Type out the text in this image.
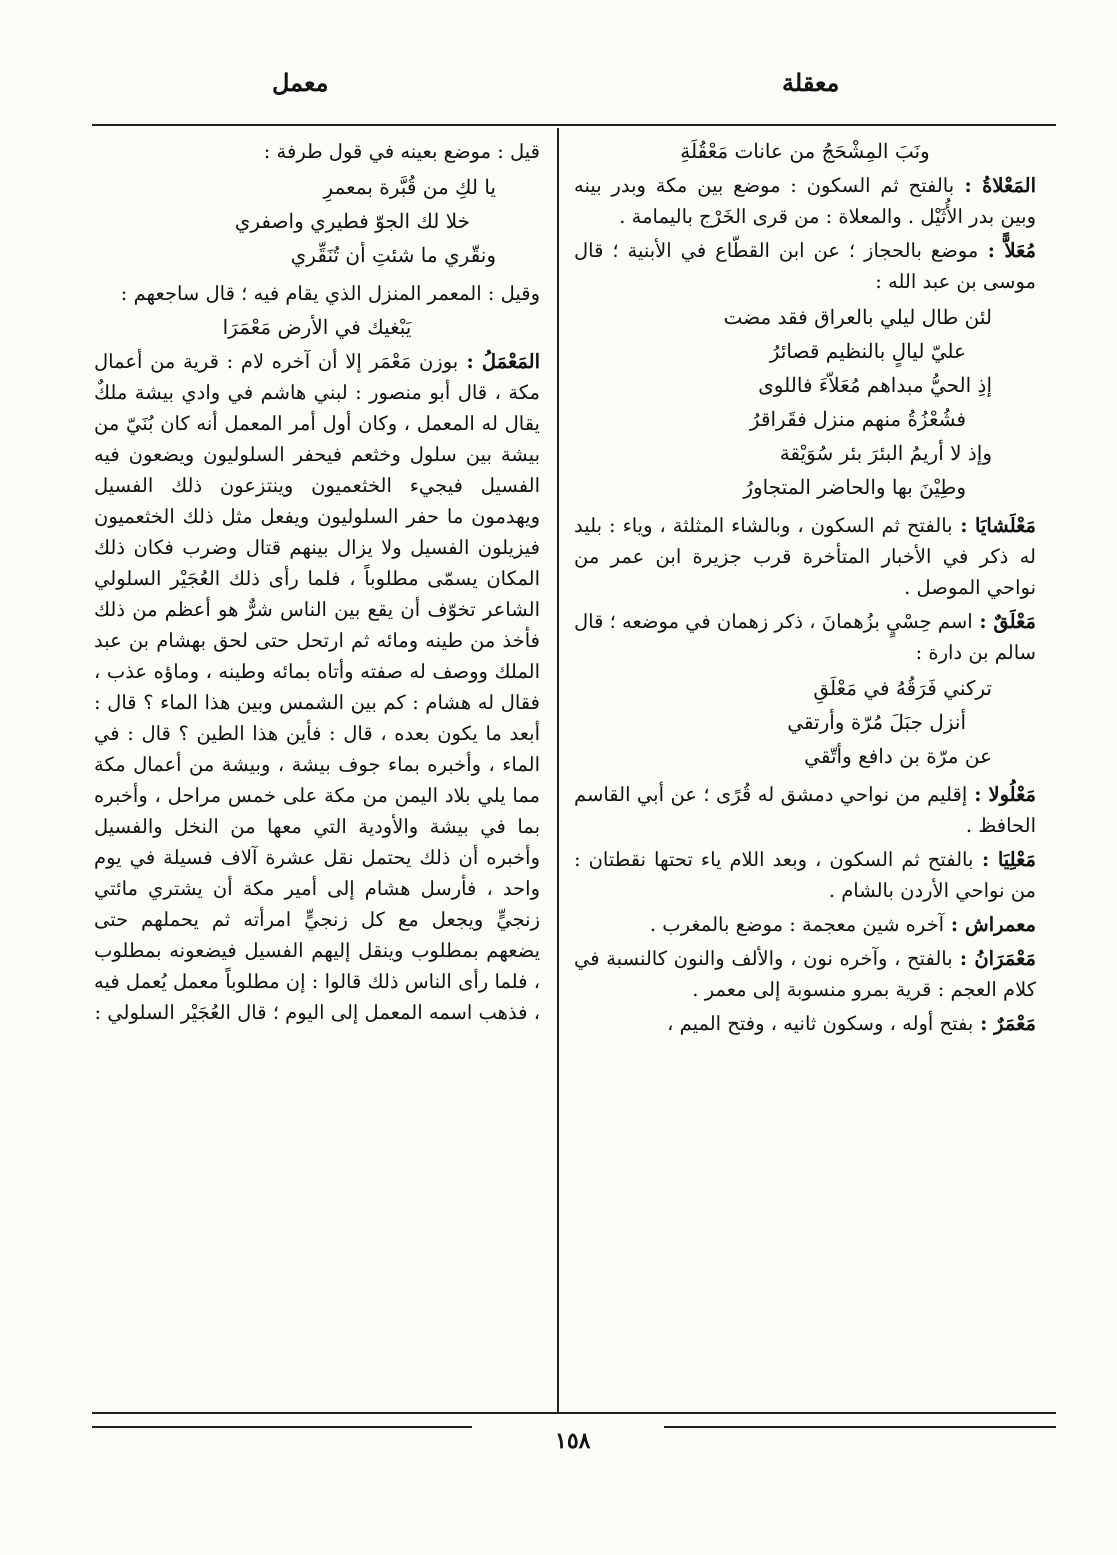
معقلة
معمل

ونَبَ المِشْحَجُ من عانات مَعْقُلَةِ

المَعْلاةُ : بالفتح ثم السكون : موضع بين مكة وبدر بينه وبين بدر الأُثَيْل . والمعلاة : من قرى الخَرْج باليمامة .

مُعَلاًّ : موضع بالحجاز ؛ عن ابن القطّاع في الأبنية ؛ قال موسى بن عبد الله :

لئن طال ليلي بالعراق فقد مضت
عليّ ليالٍ بالنظيم قصائرُ
إذِ الحيُّ مبداهم مُعَلاّءَ فاللوى
فشُعْزُةُ منهم منزل فقَراقرُ
وإذ لا أريمُ البئرَ بئر سُوَيْقة
وطِيْنَ بها والحاضر المتجاورُ

مَعْلَشايَا : بالفتح ثم السكون ، وبالشاء المثلثة ، وياء : بليد له ذكر في الأخبار المتأخرة قرب جزيرة ابن عمر من نواحي الموصل .

مَعْلَقٌ : اسم حِسْيٍ بزُهمانَ ، ذكر زهمان في موضعه ؛ قال سالم بن دارة :

تركني فَرَقُهُ في مَعْلَقِ
أنزل جبَلَ مُرّة وأرتقي
عن مرّة بن دافع وأتّقي

مَعْلُولا : إقليم من نواحي دمشق له قُرًى ؛ عن أبي القاسم الحافظ .

مَعْلِيَا : بالفتح ثم السكون ، وبعد اللام ياء تحتها نقطتان : من نواحي الأردن بالشام .

معمراش : آخره شين معجمة : موضع بالمغرب .

مَعْمَرَانُ : بالفتح ، وآخره نون ، والألف والنون كالنسبة في كلام العجم : قرية بمرو منسوبة إلى معمر .

مَعْمَرٌ : بفتح أوله ، وسكون ثانيه ، وفتح الميم ،

قيل : موضع بعينه في قول طرفة :

يا لكِ من قُبَّرة بمعمرِ
خلا لك الجوّ فطيري واصفري
ونقّري ما شئتِ أن تُنَقِّري

وقيل : المعمر المنزل الذي يقام فيه ؛ قال ساجعهم :

يَبْغيك في الأرض مَعْمَرَا

المَعْمَلُ : بوزن مَعْمَر إلا أن آخره لام : قرية من أعمال مكة ، قال أبو منصور : لبني هاشم في وادي بيشة ملكٌ يقال له المعمل ، وكان أول أمر المعمل أنه كان بُنَيّ من بيشة بين سلول وخثعم فيحفر السلوليون ويضعون فيه الفسيل فيجيء الخثعميون وينتزعون ذلك الفسيل ويهدمون ما حفر السلوليون ويفعل مثل ذلك الخثعميون فيزيلون الفسيل ولا يزال بينهم قتال وضرب فكان ذلك المكان يسمّى مطلوباً ، فلما رأى ذلك العُجَيْر السلولي الشاعر تخوّف أن يقع بين الناس شرٌّ هو أعظم من ذلك فأخذ من طينه ومائه ثم ارتحل حتى لحق بهشام بن عبد الملك ووصف له صفته وأتاه بمائه وطينه ، وماؤه عذب ، فقال له هشام : كم بين الشمس وبين هذا الماء ؟ قال : أبعد ما يكون بعده ، قال : فأين هذا الطين ؟ قال : في الماء ، وأخبره بماء جوف بيشة ، وبيشة من أعمال مكة مما يلي بلاد اليمن من مكة على خمس مراحل ، وأخبره بما في بيشة والأودية التي معها من النخل والفسيل وأخبره أن ذلك يحتمل نقل عشرة آلاف فسيلة في يوم واحد ، فأرسل هشام إلى أمير مكة أن يشتري مائتي زنجيٍّ ويجعل مع كل زنجيٍّ امرأته ثم يحملهم حتى يضعهم بمطلوب وينقل إليهم الفسيل فيضعونه بمطلوب ، فلما رأى الناس ذلك قالوا : إن مطلوباً معمل يُعمل فيه ، فذهب اسمه المعمل إلى اليوم ؛ قال العُجَيْر السلولي :

١٥٨
